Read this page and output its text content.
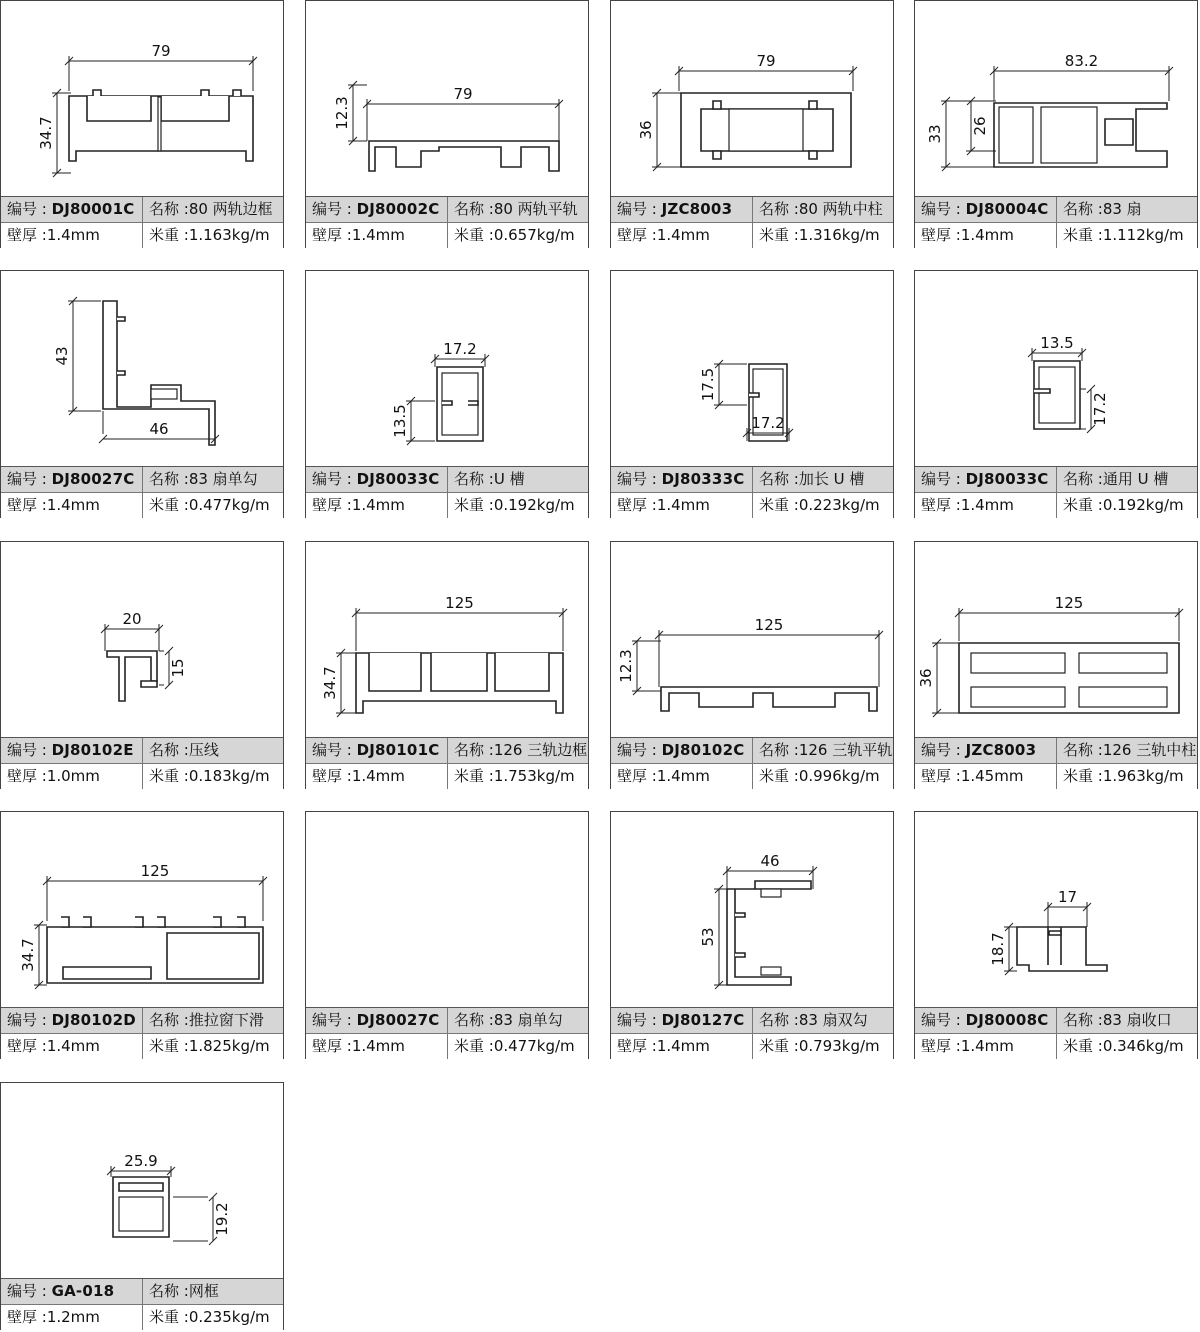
79
34.7
编号 : DJ80001C 名称 :80 两轨边框
壁厚 :1.4mm	米重 :1.163kg/m
79
12.3
编号 : DJ80002C 名称 :80 两轨平轨
壁厚 :1.4mm	米重 :0.657kg/m
79
36
编号 : JZC8003	名称 :80 两轨中柱
壁厚 :1.4mm	米重 :1.316kg/m
83.2
33 26
编号 : DJ80004C 名称 :83 扇
壁厚 :1.4mm	米重 :1.112kg/m
46
43
编号 : DJ80027C 名称 :83 扇单勾
壁厚 :1.4mm	米重 :0.477kg/m
17.2
13.5
编号 : DJ80033C 名称 :U 槽
壁厚 :1.4mm	米重 :0.192kg/m
17.2
17.5
编号 : DJ80333C 名称 :加长 U 槽
壁厚 :1.4mm	米重 :0.223kg/m
13.5
17.2
编号 : DJ80033C 名称 :通用 U 槽
壁厚 :1.4mm	米重 :0.192kg/m
20
15
编号 : DJ80102E	名称 :压线
壁厚 :1.0mm	米重 :0.183kg/m
125
34.7
编号 : DJ80101C 名称 :126 三轨边框
壁厚 :1.4mm	米重 :1.753kg/m
125
12.3
编号 : DJ80102C 名称 :126 三轨平轨
壁厚 :1.4mm	米重 :0.996kg/m
125
36
编号 : JZC8003	名称 :126 三轨中柱
壁厚 :1.45mm	米重 :1.963kg/m
125
34.7
编号 : DJ80102D 名称 :推拉窗下滑
壁厚 :1.4mm	米重 :1.825kg/m
编号 : DJ80027C 名称 :83 扇单勾
壁厚 :1.4mm	米重 :0.477kg/m
46
53
编号 : DJ80127C 名称 :83 扇双勾
壁厚 :1.4mm	米重 :0.793kg/m
17
18.7
编号 : DJ80008C 名称 :83 扇收口
壁厚 :1.4mm	米重 :0.346kg/m
25.9
19.2
编号 : GA-018	名称 :网框
壁厚 :1.2mm	米重 :0.235kg/m
